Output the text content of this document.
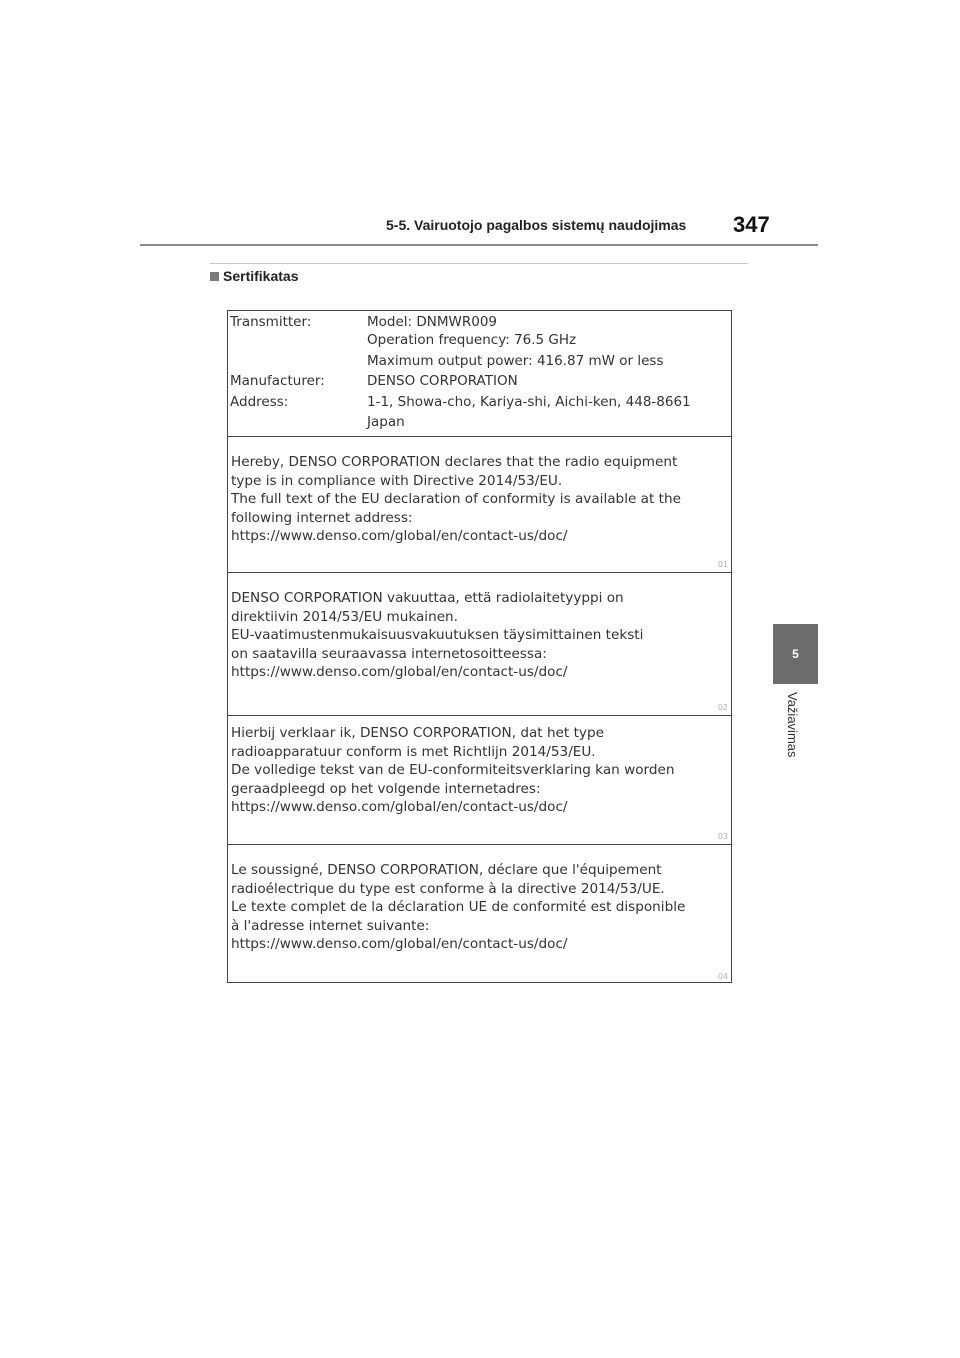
5-5. Vairuotojo pagalbos sistemų naudojimas 347
Sertifikatas
5
Važiavimas
Transmitter:	Model: DNMWR009
Operation frequency: 76.5 GHz
Maximum output power: 416.87 mW or less
Manufacturer:	DENSO CORPORATION
Address:	1-1, Showa-cho, Kariya-shi, Aichi-ken, 448-8661
Japan
Hereby, DENSO CORPORATION declares that the radio equipment
type is in compliance with Directive 2014/53/EU.
The full text of the EU declaration of conformity is available at the
following internet address:
https://www.denso.com/global/en/contact-us/doc/
01
DENSO CORPORATION vakuuttaa, että radiolaitetyyppi on
direktiivin 2014/53/EU mukainen.
EU-vaatimustenmukaisuusvakuutuksen täysimittainen teksti
on saatavilla seuraavassa internetosoitteessa:
https://www.denso.com/global/en/contact-us/doc/
02
Hierbij verklaar ik, DENSO CORPORATION, dat het type
radioapparatuur conform is met Richtlijn 2014/53/EU.
De volledige tekst van de EU-conformiteitsverklaring kan worden
geraadpleegd op het volgende internetadres:
https://www.denso.com/global/en/contact-us/doc/
03
Le soussigné, DENSO CORPORATION, déclare que l'équipement
radioélectrique du type est conforme à la directive 2014/53/UE.
Le texte complet de la déclaration UE de conformité est disponible
à l'adresse internet suivante:
https://www.denso.com/global/en/contact-us/doc/
04
